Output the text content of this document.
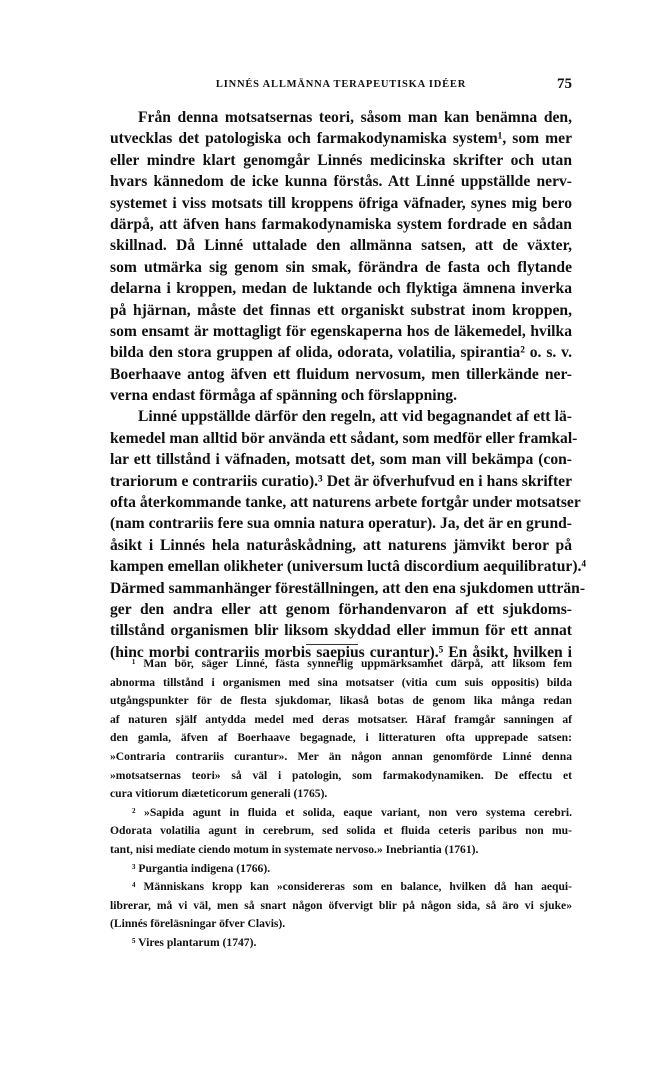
LINNÉS ALLMÄNNA TERAPEUTISKA IDÉER	75
Från denna motsatsernas teori, såsom man kan benämna den,
utvecklas det patologiska och farmakodynamiska system¹, som mer
eller mindre klart genomgår Linnés medicinska skrifter och utan
hvars kännedom de icke kunna förstås. Att Linné uppställde nerv-
systemet i viss motsats till kroppens öfriga väfnader, synes mig bero
därpå, att äfven hans farmakodynamiska system fordrade en sådan
skillnad. Då Linné uttalade den allmänna satsen, att de växter,
som utmärka sig genom sin smak, förändra de fasta och flytande
delarna i kroppen, medan de luktande och flyktiga ämnena inverka
på hjärnan, måste det finnas ett organiskt substrat inom kroppen,
som ensamt är mottagligt för egenskaperna hos de läkemedel, hvilka
bilda den stora gruppen af olida, odorata, volatilia, spirantia² o. s. v.
Boerhaave antog äfven ett fluidum nervosum, men tillerkände ner-
verna endast förmåga af spänning och förslappning.
Linné uppställde därför den regeln, att vid begagnandet af ett lä-
kemedel man alltid bör använda ett sådant, som medför eller framkal-
lar ett tillstånd i väfnaden, motsatt det, som man vill bekämpa (con-
trariorum e contrariis curatio).³ Det är öfverhufvud en i hans skrifter
ofta återkommande tanke, att naturens arbete fortgår under motsatser
(nam contrariis fere sua omnia natura operatur). Ja, det är en grund-
åsikt i Linnés hela naturåskådning, att naturens jämvikt beror på
kampen emellan olikheter (universum luctâ discordium aequilibratur).⁴
Därmed sammanhänger föreställningen, att den ena sjukdomen utträn-
ger den andra eller att genom förhandenvaron af ett sjukdoms-
tillstånd organismen blir liksom skyddad eller immun för ett annat
(hinc morbi contrariis morbis saepius curantur).⁵ En åsikt, hvilken i
¹ Man bör, säger Linné, fästa synnerlig uppmärksamhet därpå, att liksom fem
abnorma tillstånd i organismen med sina motsatser (vitia cum suis oppositis) bilda
utgångspunkter för de flesta sjukdomar, likaså botas de genom lika många redan
af naturen själf antydda medel med deras motsatser. Häraf framgår sanningen af
den gamla, äfven af Boerhaave begagnade, i litteraturen ofta upprepade satsen:
»Contraria contrariis curantur». Mer än någon annan genomförde Linné denna
»motsatsernas teori» så väl i patologin, som farmakodynamiken. De effectu et
cura vitiorum diæteticorum generali (1765).
² »Sapida agunt in fluida et solida, eaque variant, non vero systema cerebri.
Odorata volatilia agunt in cerebrum, sed solida et fluida ceteris paribus non mu-
tant, nisi mediate ciendo motum in systemate nervoso.» Inebriantia (1761).
³ Purgantia indigena (1766).
⁴ Människans kropp kan »considereras som en balance, hvilken då han aequi-
librerar, må vi väl, men så snart någon öfvervigt blir på någon sida, så äro vi sjuke»
(Linnés föreläsningar öfver Clavis).
⁵ Vires plantarum (1747).
